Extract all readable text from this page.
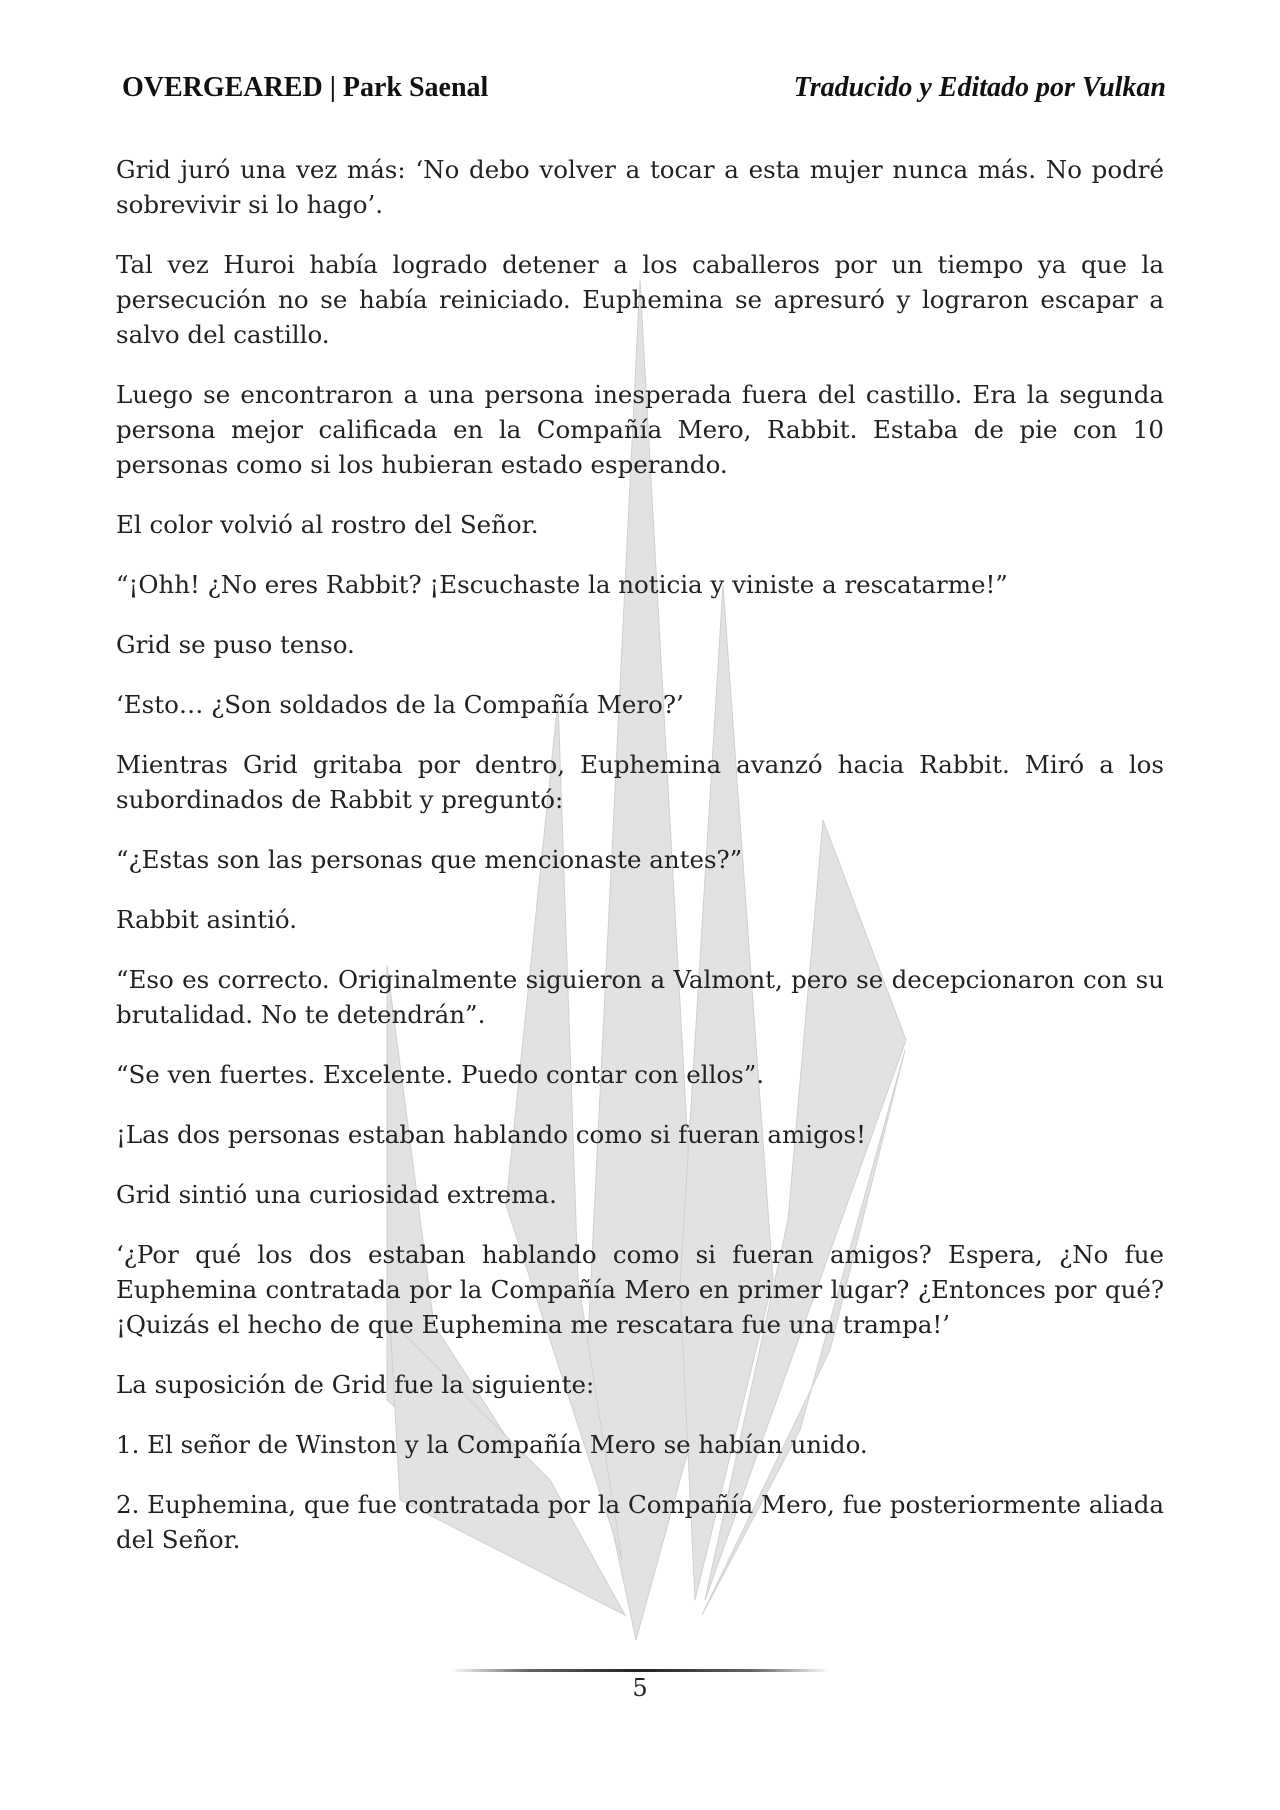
OVERGEARED | Park Saenal	Traducido y Editado por Vulkan

Grid juró una vez más: ‘No debo volver a tocar a esta mujer nunca más. No podré sobrevivir si lo hago’.

Tal vez Huroi había logrado detener a los caballeros por un tiempo ya que la persecución no se había reiniciado. Euphemina se apresuró y lograron escapar a salvo del castillo.

Luego se encontraron a una persona inesperada fuera del castillo. Era la segunda persona mejor calificada en la Compañía Mero, Rabbit. Estaba de pie con 10 personas como si los hubieran estado esperando.

El color volvió al rostro del Señor.

“¡Ohh! ¿No eres Rabbit? ¡Escuchaste la noticia y viniste a rescatarme!”

Grid se puso tenso.

‘Esto… ¿Son soldados de la Compañía Mero?’

Mientras Grid gritaba por dentro, Euphemina avanzó hacia Rabbit. Miró a los subordinados de Rabbit y preguntó:

“¿Estas son las personas que mencionaste antes?”

Rabbit asintió.

“Eso es correcto. Originalmente siguieron a Valmont, pero se decepcionaron con su brutalidad. No te detendrán”.

“Se ven fuertes. Excelente. Puedo contar con ellos”.

¡Las dos personas estaban hablando como si fueran amigos!

Grid sintió una curiosidad extrema.

‘¿Por qué los dos estaban hablando como si fueran amigos? Espera, ¿No fue Euphemina contratada por la Compañía Mero en primer lugar? ¿Entonces por qué? ¡Quizás el hecho de que Euphemina me rescatara fue una trampa!’

La suposición de Grid fue la siguiente:

1. El señor de Winston y la Compañía Mero se habían unido.

2. Euphemina, que fue contratada por la Compañía Mero, fue posteriormente aliada del Señor.

5
